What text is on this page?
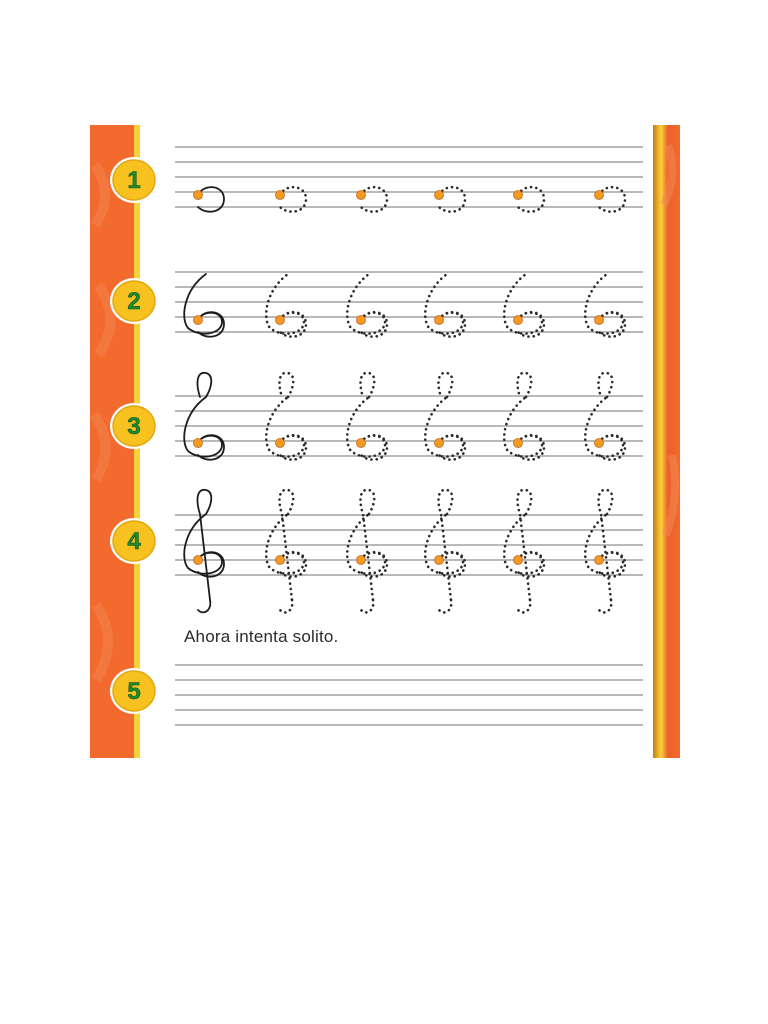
1
2
3
4
5

Ahora intenta solito.
